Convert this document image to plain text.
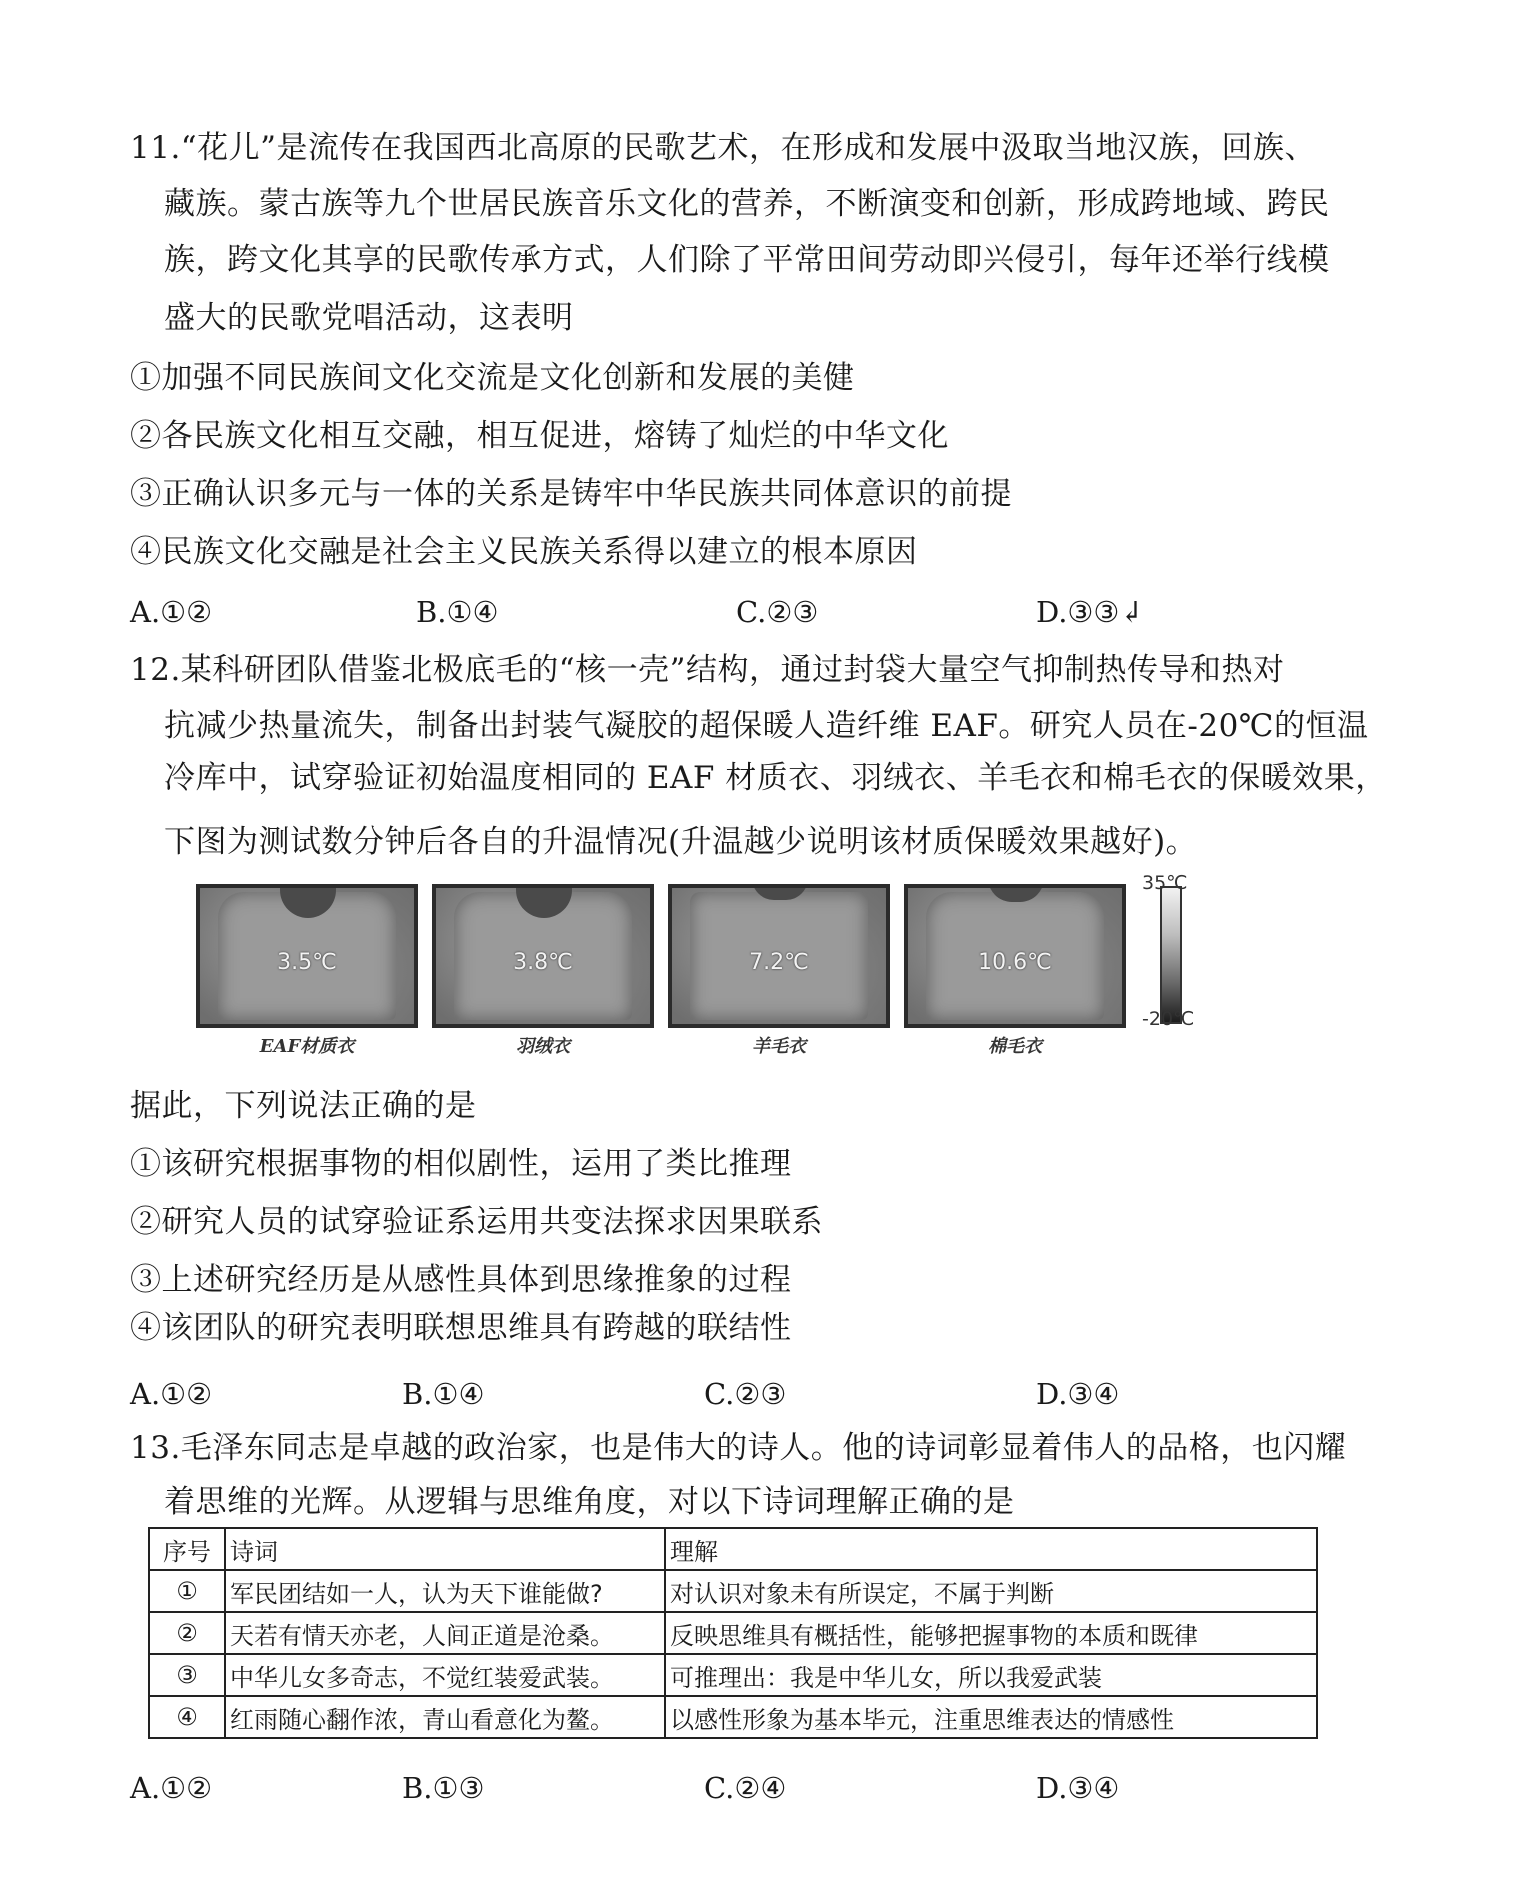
11.“花儿”是流传在我国西北高原的民歌艺术，在形成和发展中汲取当地汉族，回族、
藏族。蒙古族等九个世居民族音乐文化的营养，不断演变和创新，形成跨地域、跨民
族，跨文化其享的民歌传承方式，人们除了平常田间劳动即兴侵引，每年还举行线模
盛大的民歌党唱活动，这表明
①加强不同民族间文化交流是文化创新和发展的美健
②各民族文化相互交融，相互促进，熔铸了灿烂的中华文化
③正确认识多元与一体的关系是铸牢中华民族共同体意识的前提
④民族文化交融是社会主义民族关系得以建立的根本原因
A.①②	B.①④	C.②③	D.③③↲
12.某科研团队借鉴北极底毛的“核一壳”结构，通过封袋大量空气抑制热传导和热对
抗减少热量流失，制备出封装气凝胶的超保暖人造纤维 EAF。研究人员在-20℃的恒温
冷库中，试穿验证初始温度相同的 EAF 材质衣、羽绒衣、羊毛衣和棉毛衣的保暖效果，
下图为测试数分钟后各自的升温情况(升温越少说明该材质保暖效果越好)。
3.5℃
EAF材质衣
3.8℃
羽绒衣
7.2℃
羊毛衣
10.6℃
棉毛衣
35℃
-20℃
据此，下列说法正确的是
①该研究根据事物的相似剧性，运用了类比推理
②研究人员的试穿验证系运用共变法探求因果联系
③上述研究经历是从感性具体到思缘推象的过程
④该团队的研究表明联想思维具有跨越的联结性
A.①②	B.①④	C.②③	D.③④
13.毛泽东同志是卓越的政治家，也是伟大的诗人。他的诗词彰显着伟人的品格，也闪耀
着思维的光辉。从逻辑与思维角度，对以下诗词理解正确的是
序号	诗词	理解
①	军民团结如一人，认为天下谁能做?	对认识对象未有所误定，不属于判断
②	天若有情天亦老，人间正道是沧桑。	反映思维具有概括性，能够把握事物的本质和既律
③	中华儿女多奇志，不觉红装爱武装。	可推理出：我是中华儿女，所以我爱武装
④	红雨随心翻作浓，青山看意化为鳌。	以感性形象为基本毕元，注重思维表达的情感性
A.①②	B.①③	C.②④	D.③④
